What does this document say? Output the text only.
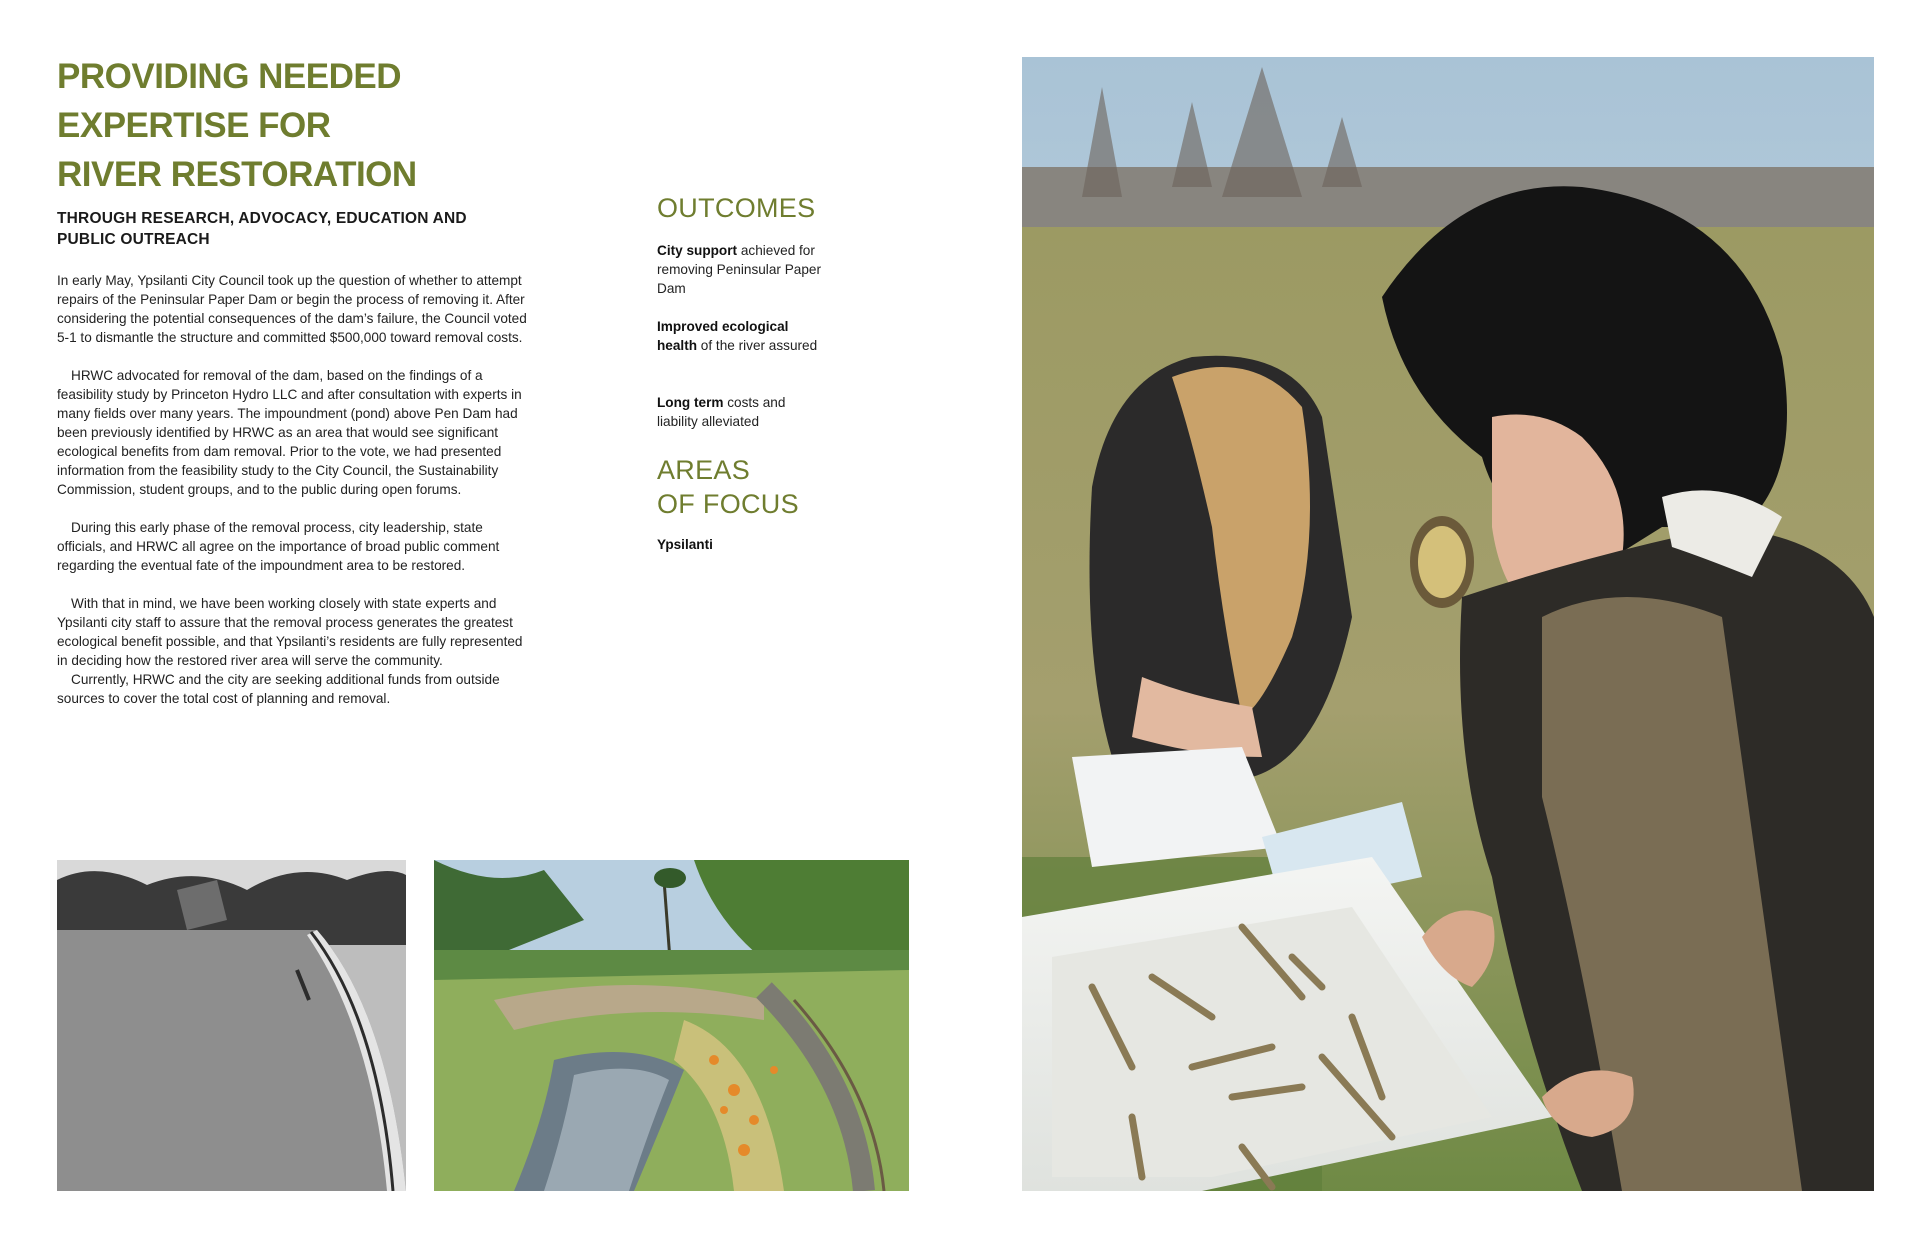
PROVIDING NEEDED
EXPERTISE FOR
RIVER RESTORATION
THROUGH RESEARCH, ADVOCACY, EDUCATION AND
PUBLIC OUTREACH

In early May, Ypsilanti City Council took up the question of whether to attempt repairs of the Peninsular Paper Dam or begin the process of removing it. After considering the potential consequences of the dam’s failure, the Council voted 5-1 to dismantle the structure and committed $500,000 toward removal costs.

HRWC advocated for removal of the dam, based on the findings of a feasibility study by Princeton Hydro LLC and after consultation with experts in many fields over many years. The impoundment (pond) above Pen Dam had been previously identified by HRWC as an area that would see significant ecological benefits from dam removal. Prior to the vote, we had presented information from the feasibility study to the City Council, the Sustainability Commission, student groups, and to the public during open forums.

During this early phase of the removal process, city leadership, state officials, and HRWC all agree on the importance of broad public comment regarding the eventual fate of the impoundment area to be restored.

With that in mind, we have been working closely with state experts and Ypsilanti city staff to assure that the removal process generates the greatest ecological benefit possible, and that Ypsilanti’s residents are fully represented in deciding how the restored river area will serve the community.

Currently, HRWC and the city are seeking additional funds from outside sources to cover the total cost of planning and removal.

OUTCOMES
City support achieved for removing Peninsular Paper Dam
Improved ecological health of the river assured
Long term costs and liability alleviated
AREAS
OF FOCUS
Ypsilanti
